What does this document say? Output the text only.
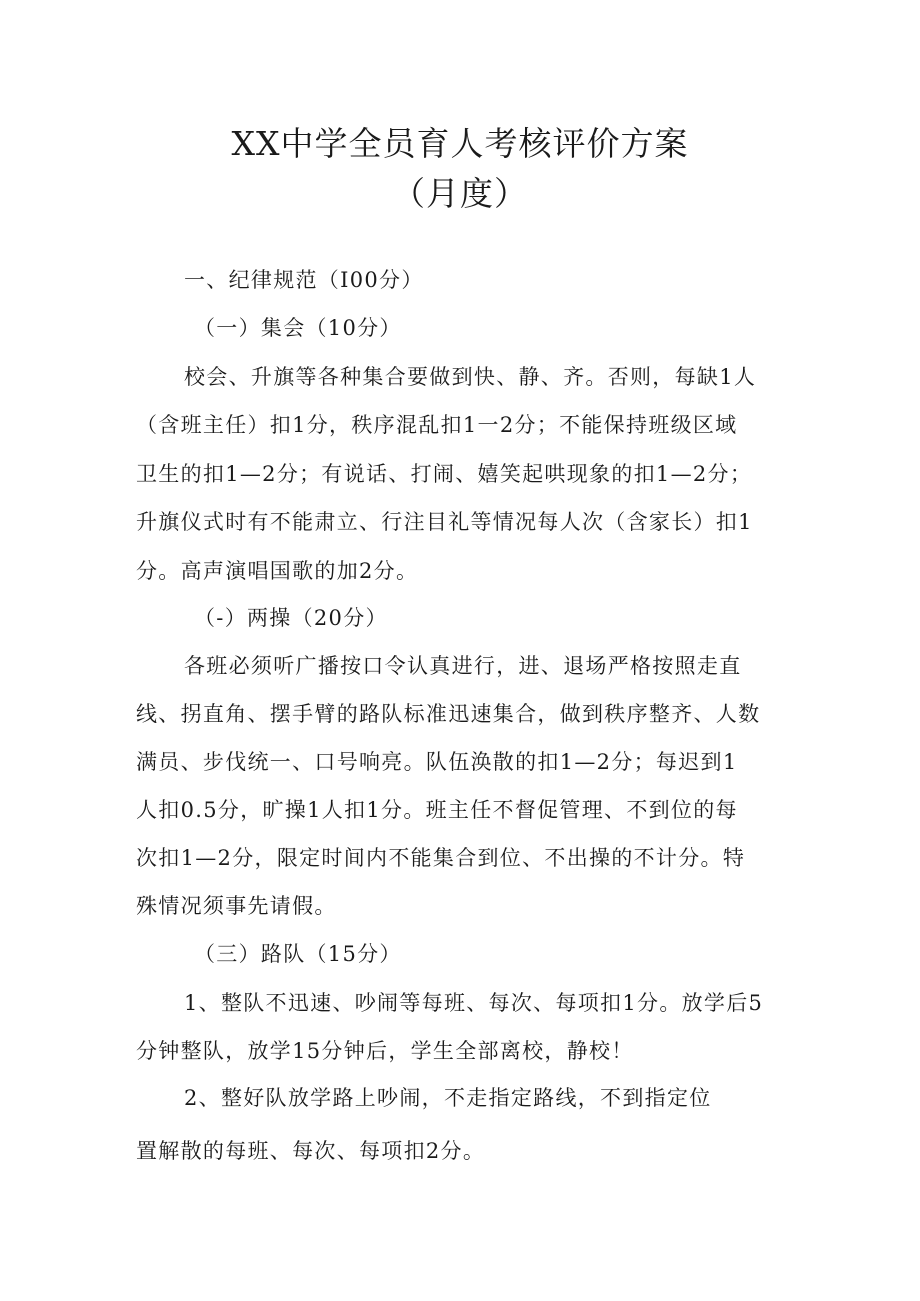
XX中学全员育人考核评价方案
（月度）
一、纪律规范（I00分）
（一）集会（10分）
校会、升旗等各种集合要做到快、静、齐。否则，每缺1人
（含班主任）扣1分，秩序混乱扣1一2分；不能保持班级区域
卫生的扣1—2分；有说话、打闹、嬉笑起哄现象的扣1—2分；
升旗仪式时有不能肃立、行注目礼等情况每人次（含家长）扣1
分。高声演唱国歌的加2分。
（-）两操（20分）
各班必须听广播按口令认真进行，进、退场严格按照走直
线、拐直角、摆手臂的路队标准迅速集合，做到秩序整齐、人数
满员、步伐统一、口号响亮。队伍涣散的扣1—2分；每迟到1
人扣0.5分，旷操1人扣1分。班主任不督促管理、不到位的每
次扣1—2分，限定时间内不能集合到位、不出操的不计分。特
殊情况须事先请假。
（三）路队（15分）
1、整队不迅速、吵闹等每班、每次、每项扣1分。放学后5
分钟整队，放学15分钟后，学生全部离校，静校！
2、整好队放学路上吵闹，不走指定路线，不到指定位
置解散的每班、每次、每项扣2分。
